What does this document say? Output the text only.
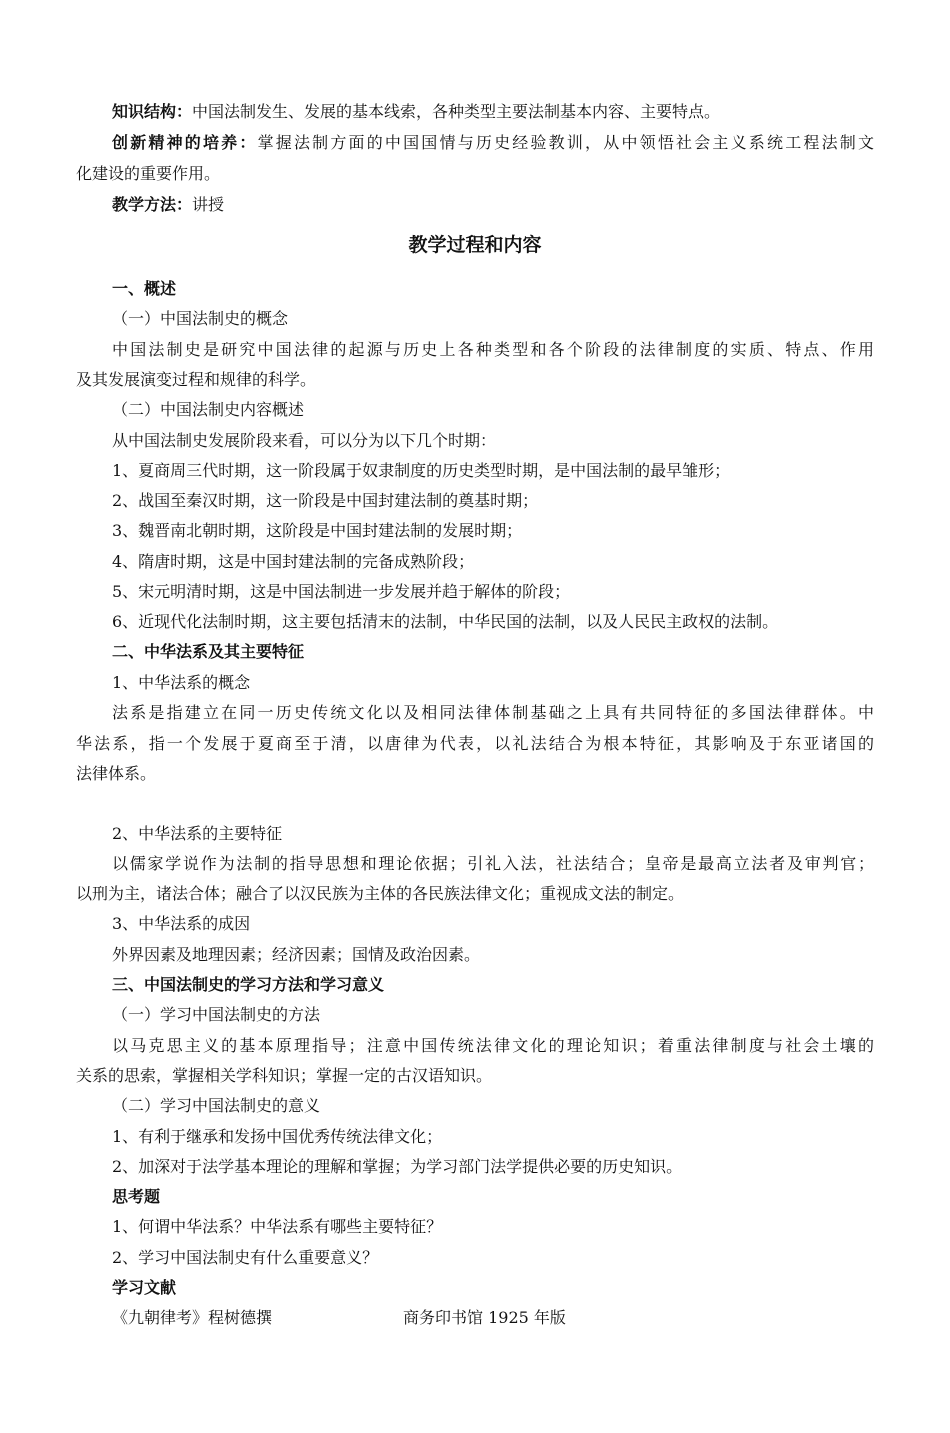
知识结构：中国法制发生、发展的基本线索，各种类型主要法制基本内容、主要特点。
创新精神的培养：掌握法制方面的中国国情与历史经验教训，从中领悟社会主义系统工程法制文
化建设的重要作用。
教学方法：讲授
教学过程和内容
一、概述
（一）中国法制史的概念
中国法制史是研究中国法律的起源与历史上各种类型和各个阶段的法律制度的实质、特点、作用
及其发展演变过程和规律的科学。
（二）中国法制史内容概述
从中国法制史发展阶段来看，可以分为以下几个时期：
1、夏商周三代时期，这一阶段属于奴隶制度的历史类型时期，是中国法制的最早雏形；
2、战国至秦汉时期，这一阶段是中国封建法制的奠基时期；
3、魏晋南北朝时期，这阶段是中国封建法制的发展时期；
4、隋唐时期，这是中国封建法制的完备成熟阶段；
5、宋元明清时期，这是中国法制进一步发展并趋于解体的阶段；
6、近现代化法制时期，这主要包括清末的法制，中华民国的法制，以及人民民主政权的法制。
二、中华法系及其主要特征
1、中华法系的概念
法系是指建立在同一历史传统文化以及相同法律体制基础之上具有共同特征的多国法律群体。中
华法系，指一个发展于夏商至于清，以唐律为代表，以礼法结合为根本特征，其影响及于东亚诸国的
法律体系。
2、中华法系的主要特征
以儒家学说作为法制的指导思想和理论依据；引礼入法，社法结合；皇帝是最高立法者及审判官；
以刑为主，诸法合体；融合了以汉民族为主体的各民族法律文化；重视成文法的制定。
3、中华法系的成因
外界因素及地理因素；经济因素；国情及政治因素。
三、中国法制史的学习方法和学习意义
（一）学习中国法制史的方法
以马克思主义的基本原理指导；注意中国传统法律文化的理论知识；着重法律制度与社会土壤的
关系的思索，掌握相关学科知识；掌握一定的古汉语知识。
（二）学习中国法制史的意义
1、有利于继承和发扬中国优秀传统法律文化；
2、加深对于法学基本理论的理解和掌握；为学习部门法学提供必要的历史知识。
思考题
1、何谓中华法系？中华法系有哪些主要特征？
2、学习中国法制史有什么重要意义？
学习文献
《九朝律考》程树德撰	商务印书馆 1925 年版
